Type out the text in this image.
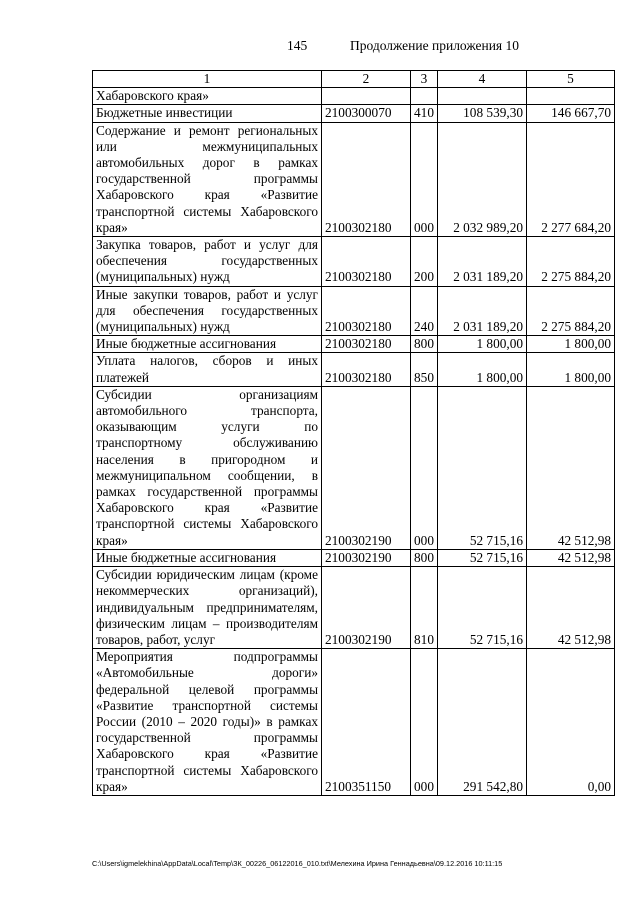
145	Продолжение приложения 10
1	2	3	4	5
Хабаровского края»				
Бюджетные инвестиции	2100300070	410	108 539,30	146 667,70
Содержание и ремонт региональных или межмуниципальных автомобильных дорог в рамках государственной программы Хабаровского края «Развитие транспортной системы Хабаровского края»	2100302180	000	2 032 989,20	2 277 684,20
Закупка товаров, работ и услуг для обеспечения государственных (муниципальных) нужд	2100302180	200	2 031 189,20	2 275 884,20
Иные закупки товаров, работ и услуг для обеспечения государственных (муниципальных) нужд	2100302180	240	2 031 189,20	2 275 884,20
Иные бюджетные ассигнования	2100302180	800	1 800,00	1 800,00
Уплата налогов, сборов и иных платежей	2100302180	850	1 800,00	1 800,00
Субсидии организациям автомобильного транспорта, оказывающим услуги по транспортному обслуживанию населения в пригородном и межмуниципальном сообщении, в рамках государственной программы Хабаровского края «Развитие транспортной системы Хабаровского края»	2100302190	000	52 715,16	42 512,98
Иные бюджетные ассигнования	2100302190	800	52 715,16	42 512,98
Субсидии юридическим лицам (кроме некоммерческих организаций), индивидуальным предпринимателям, физическим лицам – производителям товаров, работ, услуг	2100302190	810	52 715,16	42 512,98
Мероприятия подпрограммы «Автомобильные дороги» федеральной целевой программы «Развитие транспортной системы России (2010 – 2020 годы)» в рамках государственной программы Хабаровского края «Развитие транспортной системы Хабаровского края»	2100351150	000	291 542,80	0,00
C:\Users\igmelekhina\AppData\Local\Temp\ЗК_00226_06122016_010.txt\Мелехина Ирина Геннадьевна\09.12.2016 10:11:15
